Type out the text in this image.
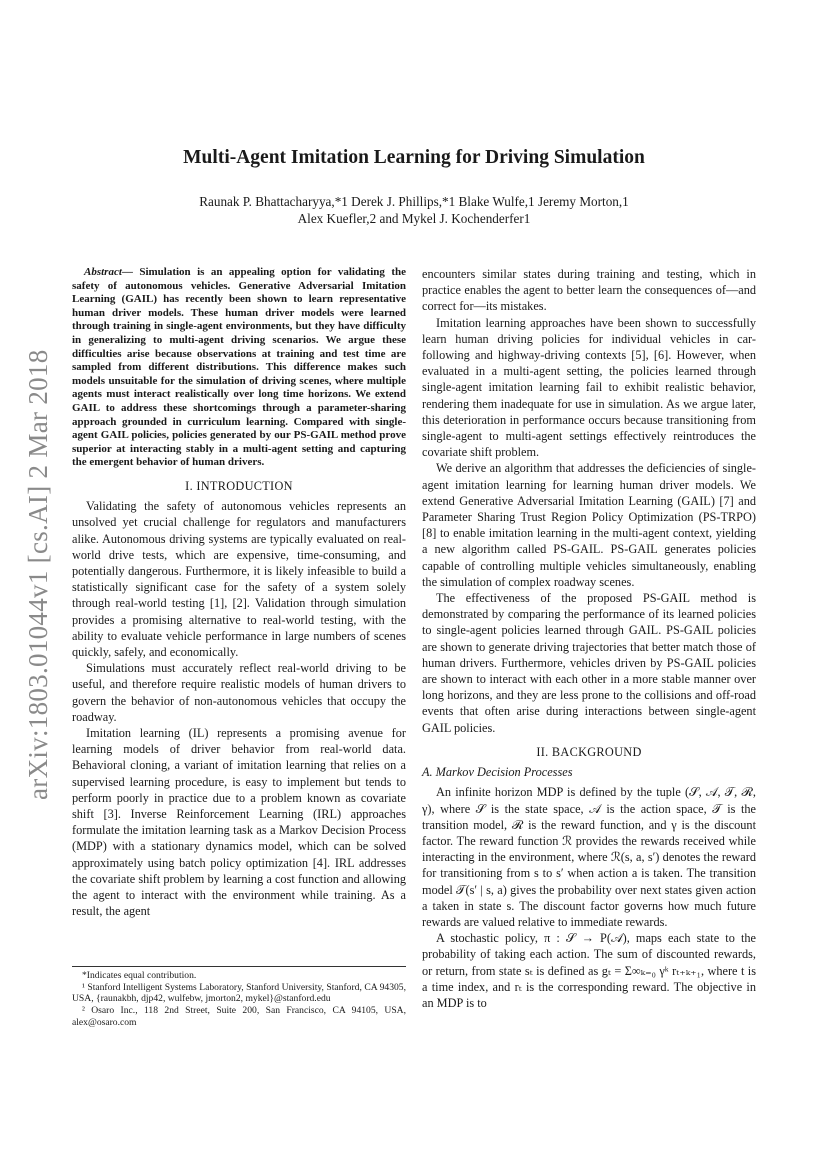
arXiv:1803.01044v1 [cs.AI] 2 Mar 2018
Multi-Agent Imitation Learning for Driving Simulation
Raunak P. Bhattacharyya,*1 Derek J. Phillips,*1 Blake Wulfe,1 Jeremy Morton,1
Alex Kuefler,2 and Mykel J. Kochenderfer1

Abstract— Simulation is an appealing option for validating the safety of autonomous vehicles. Generative Adversarial Imitation Learning (GAIL) has recently been shown to learn representative human driver models. These human driver models were learned through training in single-agent environments, but they have difficulty in generalizing to multi-agent driving scenarios. We argue these difficulties arise because observations at training and test time are sampled from different distributions. This difference makes such models unsuitable for the simulation of driving scenes, where multiple agents must interact realistically over long time horizons. We extend GAIL to address these shortcomings through a parameter-sharing approach grounded in curriculum learning. Compared with single-agent GAIL policies, policies generated by our PS-GAIL method prove superior at interacting stably in a multi-agent setting and capturing the emergent behavior of human drivers.

I. INTRODUCTION

Validating the safety of autonomous vehicles represents an unsolved yet crucial challenge for regulators and manufacturers alike. Autonomous driving systems are typically evaluated on real-world drive tests, which are expensive, time-consuming, and potentially dangerous. Furthermore, it is likely infeasible to build a statistically significant case for the safety of a system solely through real-world testing [1], [2]. Validation through simulation provides a promising alternative to real-world testing, with the ability to evaluate vehicle performance in large numbers of scenes quickly, safely, and economically.

Simulations must accurately reflect real-world driving to be useful, and therefore require realistic models of human drivers to govern the behavior of non-autonomous vehicles that occupy the roadway.

Imitation learning (IL) represents a promising avenue for learning models of driver behavior from real-world data. Behavioral cloning, a variant of imitation learning that relies on a supervised learning procedure, is easy to implement but tends to perform poorly in practice due to a problem known as covariate shift [3]. Inverse Reinforcement Learning (IRL) approaches formulate the imitation learning task as a Markov Decision Process (MDP) with a stationary dynamics model, which can be solved approximately using batch policy optimization [4]. IRL addresses the covariate shift problem by learning a cost function and allowing the agent to interact with the environment while training. As a result, the agent

*Indicates equal contribution.

¹ Stanford Intelligent Systems Laboratory, Stanford University, Stanford, CA 94305, USA, {raunakbh, djp42, wulfebw, jmorton2, mykel}@stanford.edu

² Osaro Inc., 118 2nd Street, Suite 200, San Francisco, CA 94105, USA, alex@osaro.com

encounters similar states during training and testing, which in practice enables the agent to better learn the consequences of—and correct for—its mistakes.

Imitation learning approaches have been shown to successfully learn human driving policies for individual vehicles in car-following and highway-driving contexts [5], [6]. However, when evaluated in a multi-agent setting, the policies learned through single-agent imitation learning fail to exhibit realistic behavior, rendering them inadequate for use in simulation. As we argue later, this deterioration in performance occurs because transitioning from single-agent to multi-agent settings effectively reintroduces the covariate shift problem.

We derive an algorithm that addresses the deficiencies of single-agent imitation learning for learning human driver models. We extend Generative Adversarial Imitation Learning (GAIL) [7] and Parameter Sharing Trust Region Policy Optimization (PS-TRPO) [8] to enable imitation learning in the multi-agent context, yielding a new algorithm called PS-GAIL. PS-GAIL generates policies capable of controlling multiple vehicles simultaneously, enabling the simulation of complex roadway scenes.

The effectiveness of the proposed PS-GAIL method is demonstrated by comparing the performance of its learned policies to single-agent policies learned through GAIL. PS-GAIL policies are shown to generate driving trajectories that better match those of human drivers. Furthermore, vehicles driven by PS-GAIL policies are shown to interact with each other in a more stable manner over long horizons, and they are less prone to the collisions and off-road events that often arise during interactions between single-agent GAIL policies.

II. BACKGROUND
A. Markov Decision Processes

An infinite horizon MDP is defined by the tuple (𝒮, 𝒜, 𝒯, ℛ, γ), where 𝒮 is the state space, 𝒜 is the action space, 𝒯 is the transition model, ℛ is the reward function, and γ is the discount factor. The reward function ℛ provides the rewards received while interacting in the environment, where ℛ(s, a, s′) denotes the reward for transitioning from s to s′ when action a is taken. The transition model 𝒯(s′ | s, a) gives the probability over next states given action a taken in state s. The discount factor governs how much future rewards are valued relative to immediate rewards.

A stochastic policy, π : 𝒮 → P(𝒜), maps each state to the probability of taking each action. The sum of discounted rewards, or return, from state sₜ is defined as gₜ = Σ∞ₖ₌₀ γᵏ rₜ₊ₖ₊₁, where t is a time index, and rₜ is the corresponding reward. The objective in an MDP is to
